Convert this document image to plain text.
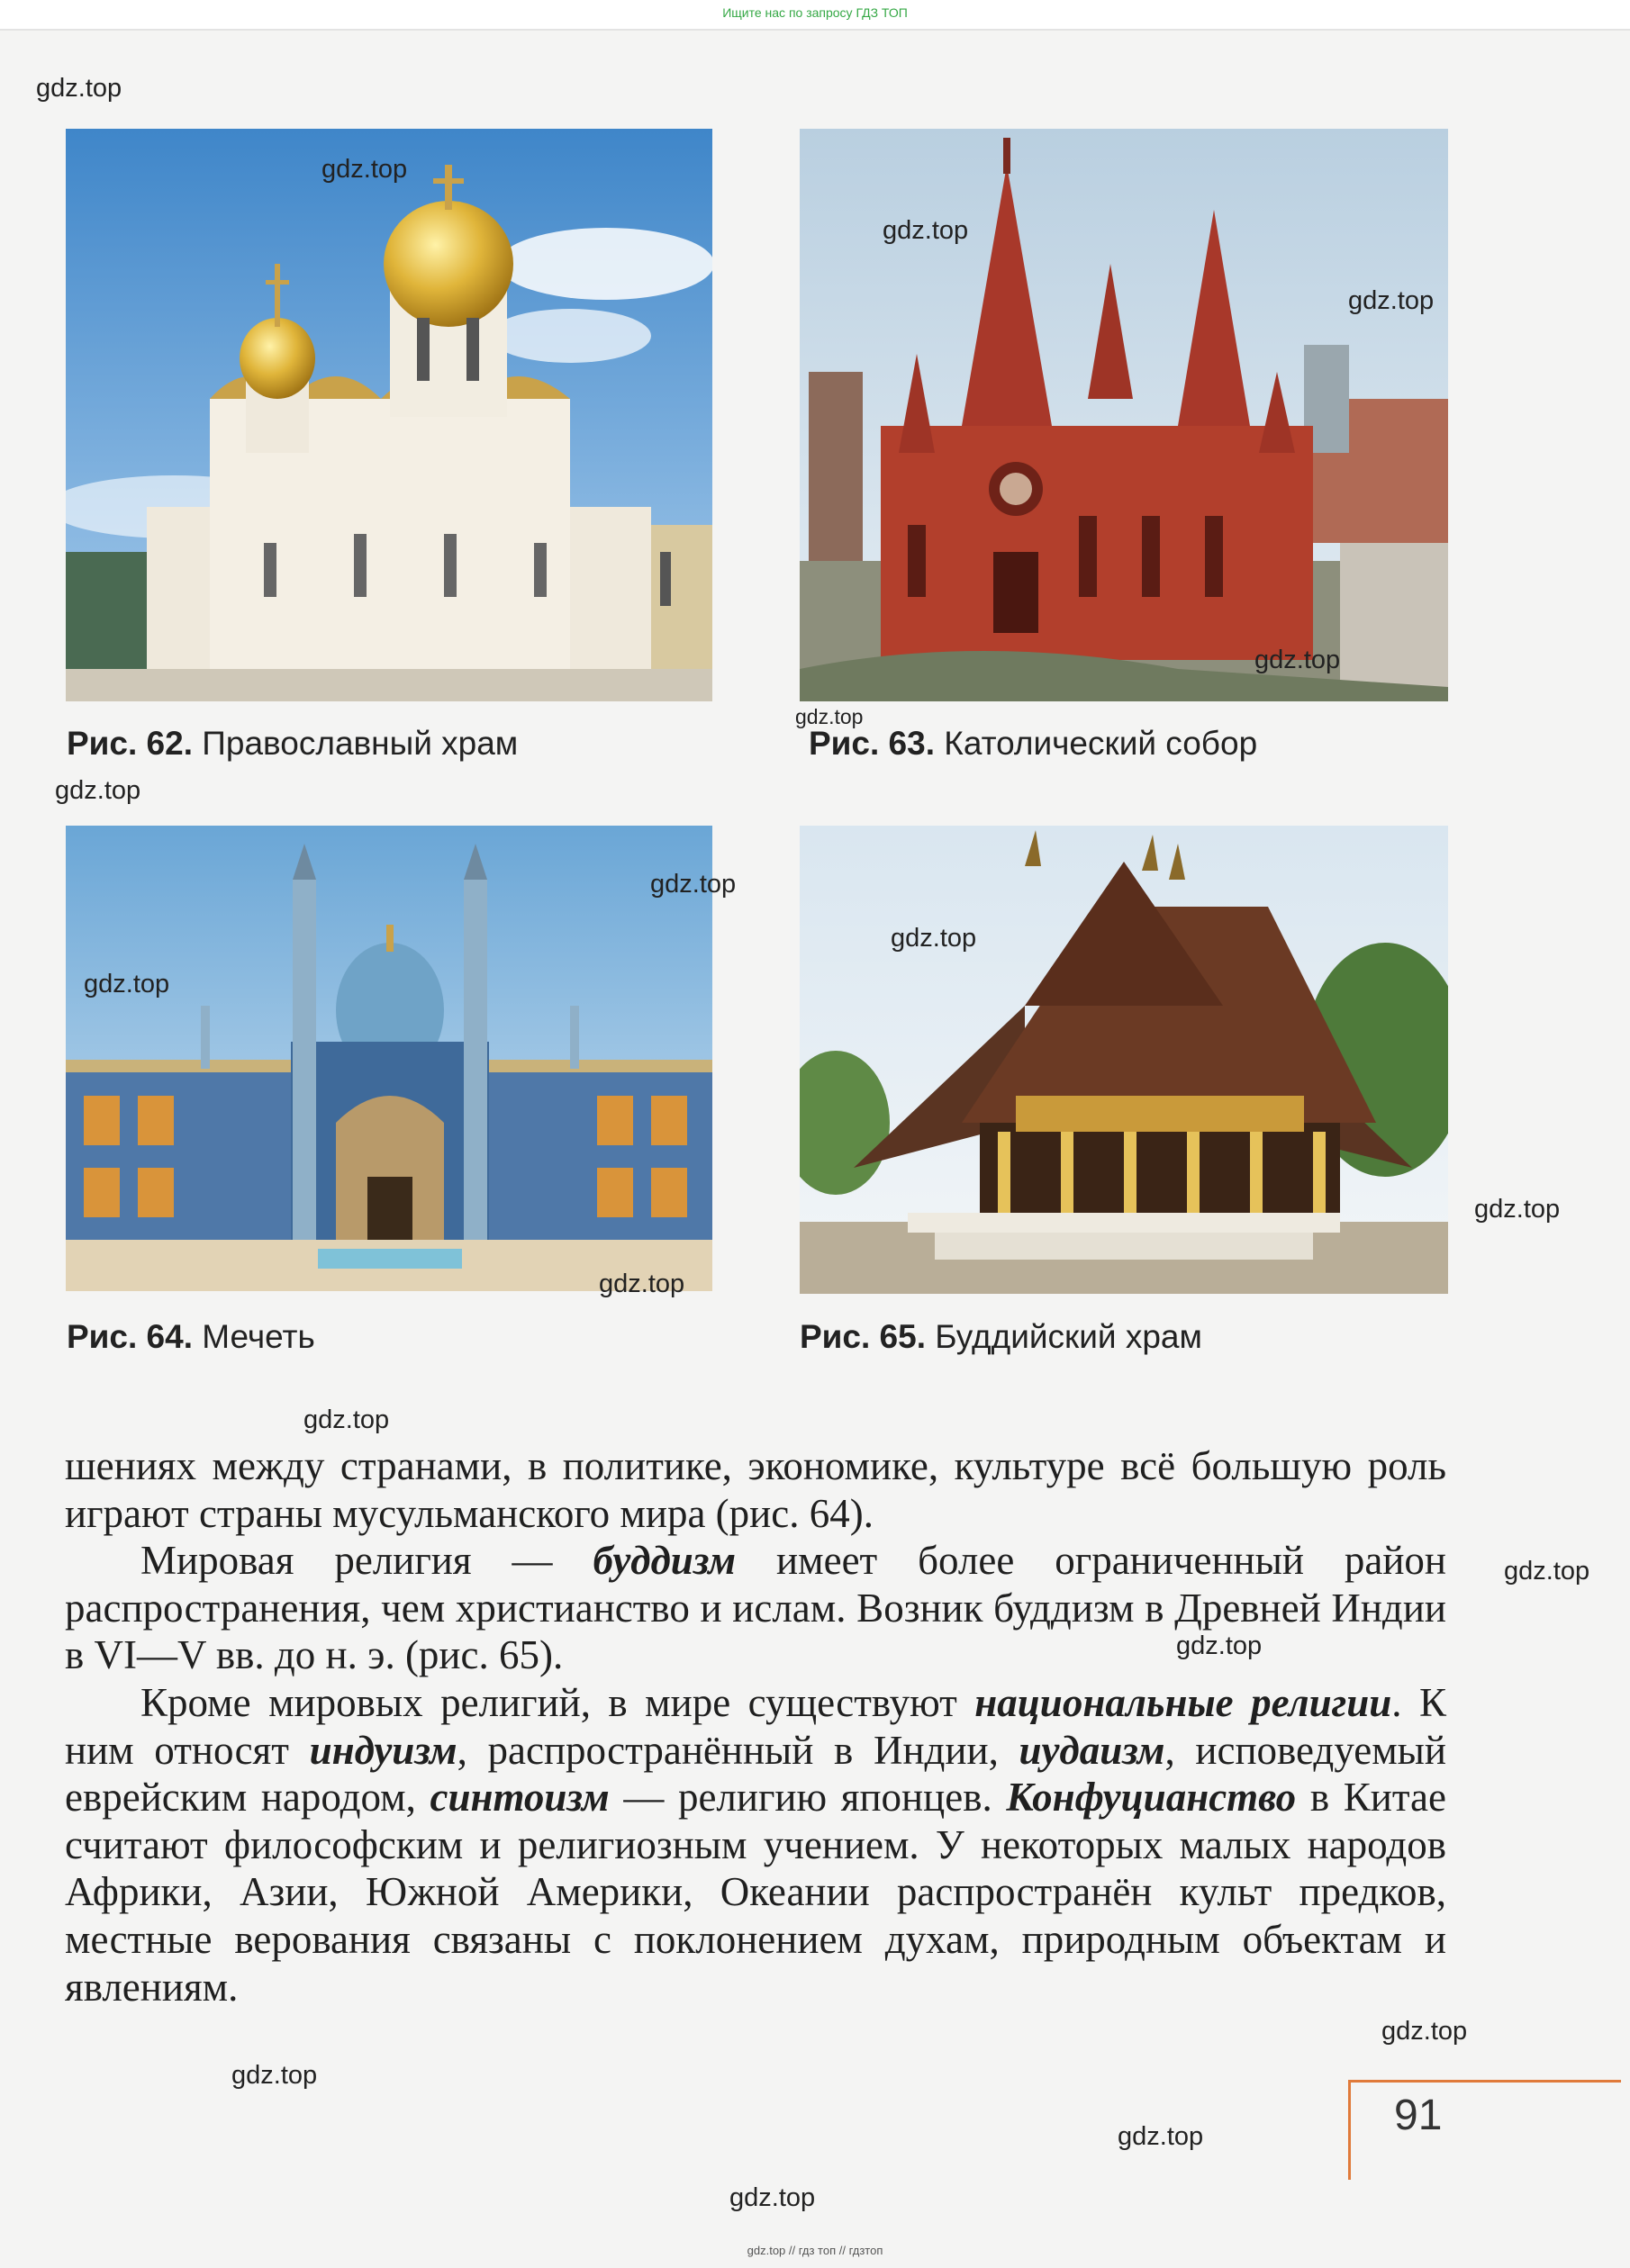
Ищите нас по запросу ГДЗ ТОП
Рис. 62. Православный храм	Рис. 63. Католический собор
Рис. 64. Мечеть	Рис. 65. Буддийский храм

шениях между странами, в политике, экономике, культуре всё большую роль играют страны мусульманского мира (рис. 64).

Мировая религия — буддизм имеет более ограниченный район распространения, чем христианство и ислам. Возник буддизм в Древней Индии в VI—V вв. до н. э. (рис. 65).

Кроме мировых религий, в мире существуют национальные религии. К ним относят индуизм, распространённый в Индии, иудаизм, исповедуемый еврейским народом, синтоизм — религию японцев. Конфуцианство в Китае считают философским и религиозным учением. У некоторых малых народов Африки, Азии, Южной Америки, Океании распространён культ предков, местные верования связаны с поклонением духам, природным объектам и явлениям.

91
gdz.top
gdz.top
gdz.top
gdz.top
gdz.top
gdz.top
gdz.top
gdz.top
gdz.top
gdz.top
gdz.top
gdz.top
gdz.top
gdz.top
gdz.top
gdz.top
gdz.top
gdz.top
gdz.top
gdz.top // гдз топ // гдзтоп
